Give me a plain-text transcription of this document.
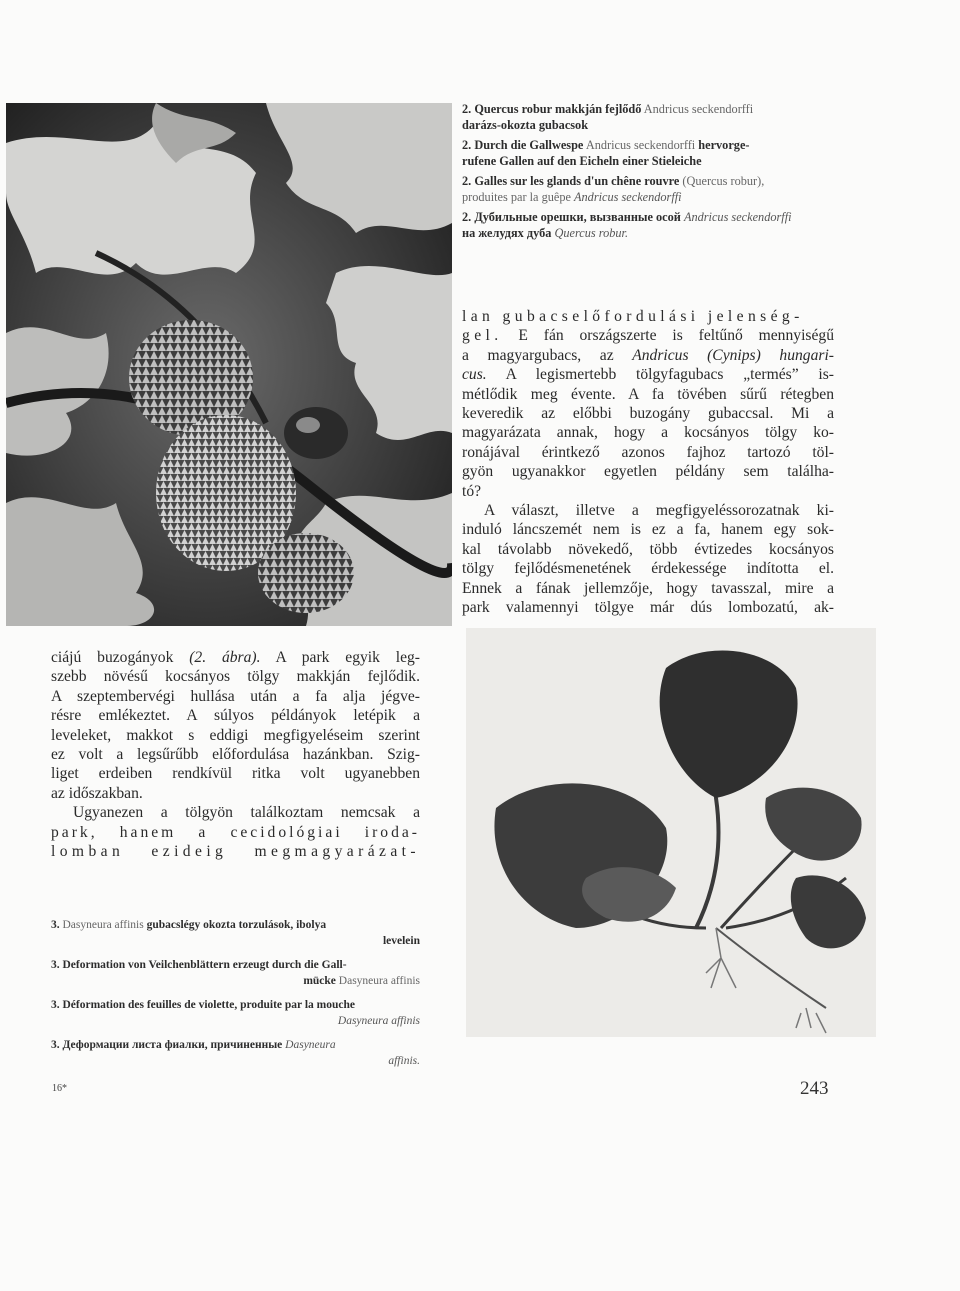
2. Quercus robur makkján fejlődő Andricus seckendorffi
darázs-okozta gubacsok
2. Durch die Gallwespe Andricus seckendorffi hervorge-
rufene Gallen auf den Eicheln einer Stieleiche
2. Galles sur les glands d'un chêne rouvre (Quercus robur),
produites par la guêpe Andricus seckendorffi
2. Дубильные орешки, вызванные осой Andricus seckendorffi
на желудях дуба Quercus robur.

lan gubacselőfordulási jelenség-

gel. E fán országszerte is feltűnő mennyiségű

a magyargubacs, az Andricus (Cynips) hungari-

cus. A legismertebb tölgyfagubacs „termés” is-

métlődik meg évente. A fa tövében sűrű rétegben

keveredik az előbbi buzogány gubaccsal. Mi a

magyarázata annak, hogy a kocsányos tölgy ko-

ronájával érintkező azonos fajhoz tartozó töl-

gyön ugyanakkor egyetlen példány sem találha-

tó?

A választ, illetve a megfigyeléssorozatnak ki-

induló láncszemét nem is ez a fa, hanem egy sok-

kal távolabb növekedő, több évtizedes kocsányos

tölgy fejlődésmenetének érdekessége indította el.

Ennek a fának jellemzője, hogy tavasszal, mire a

park valamennyi tölgye már dús lombozatú, ak-

ciájú buzogányok (2. ábra). A park egyik leg-

szebb növésű kocsányos tölgy makkján fejlődik.

A szeptembervégi hullása után a fa alja jégve-

résre emlékeztet. A súlyos példányok letépik a

leveleket, makkot s eddigi megfigyeléseim szerint

ez volt a legsűrűbb előfordulása hazánkban. Szig-

liget erdeiben rendkívül ritka volt ugyanebben

az időszakban.

Ugyanezen a tölgyön találkoztam nemcsak a

park, hanem a cecidológiai iroda-

lomban ezideig megmagyarázat-

3. Dasyneura affinis gubacslégy okozta torzulások, ibolya
levelein
3. Deformation von Veilchenblättern erzeugt durch die Gall-
mücke Dasyneura affinis
3. Déformation des feuilles de violette, produite par la mouche
Dasyneura affinis
3. Деформации листа фиалки, причиненные Dasyneura
affinis.
16*	243
